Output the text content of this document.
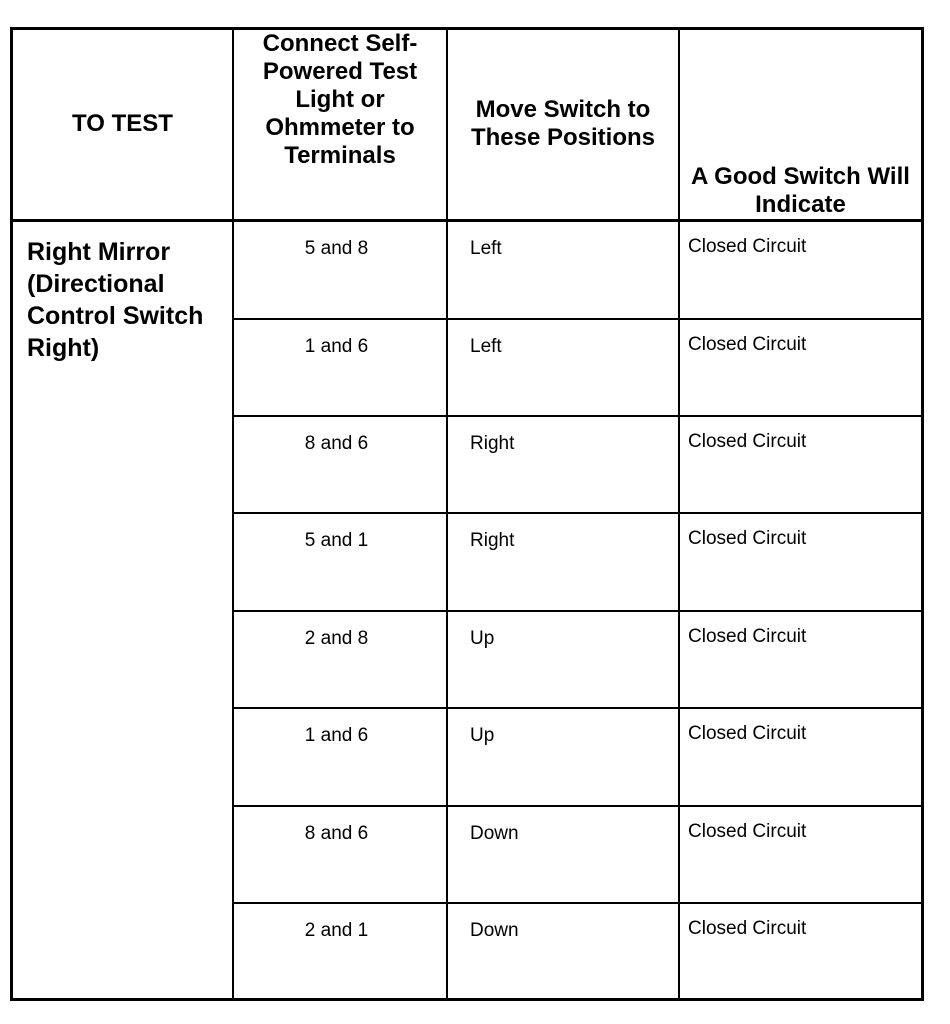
TO TEST	Connect Self-Powered Test Light or Ohmmeter to Terminals	Move Switch to These Positions	A Good Switch Will Indicate
Right Mirror (Directional Control Switch Right)	5 and 8	Left	Closed Circuit
	1 and 6	Left	Closed Circuit
	8 and 6	Right	Closed Circuit
	5 and 1	Right	Closed Circuit
	2 and 8	Up	Closed Circuit
	1 and 6	Up	Closed Circuit
	8 and 6	Down	Closed Circuit
	2 and 1	Down	Closed Circuit
